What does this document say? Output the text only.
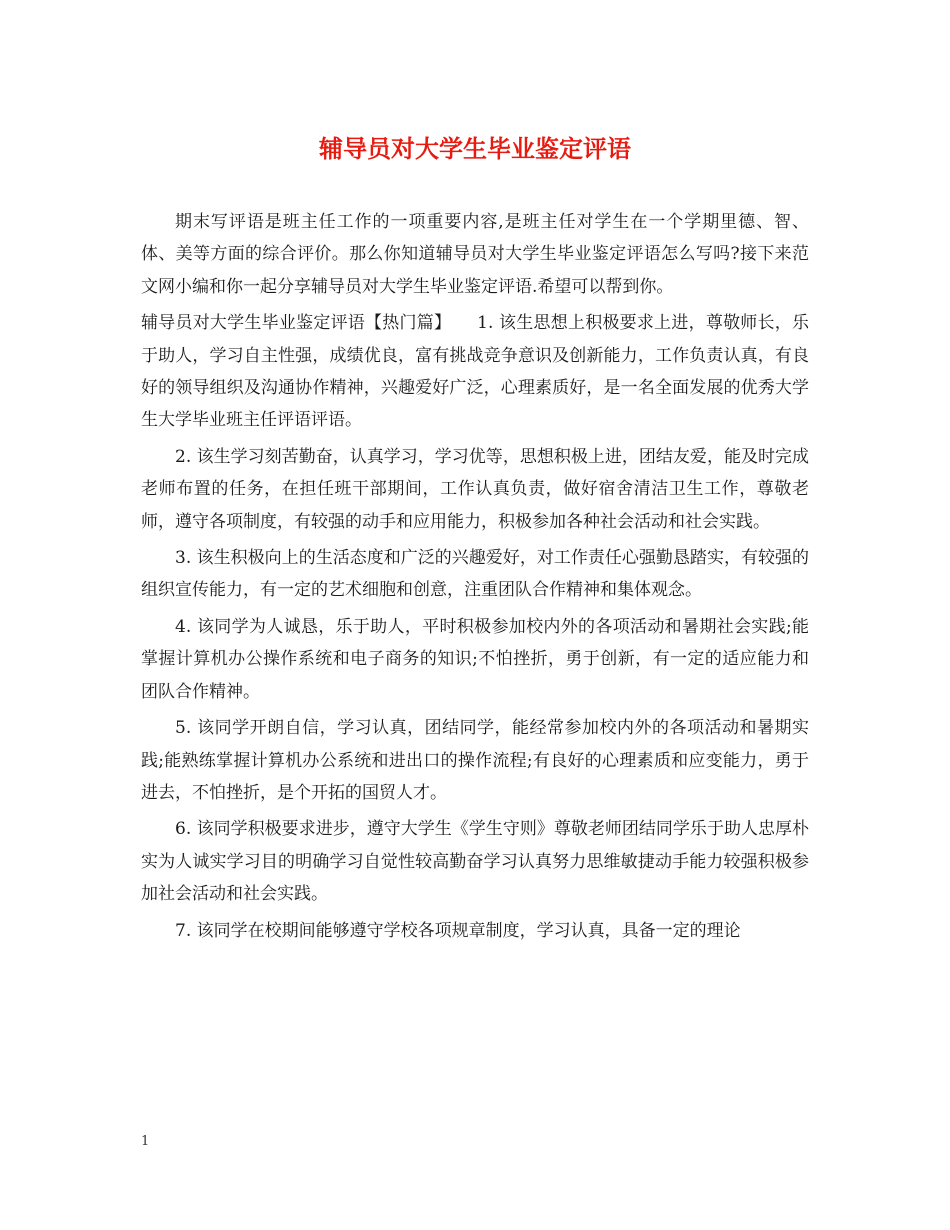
辅导员对大学生毕业鉴定评语

期末写评语是班主任工作的一项重要内容,是班主任对学生在一个学期里德、智、体、美等方面的综合评价。那么你知道辅导员对大学生毕业鉴定评语怎么写吗?接下来范文网小编和你一起分享辅导员对大学生毕业鉴定评语.希望可以帮到你。

辅导员对大学生毕业鉴定评语【热门篇】　　1. 该生思想上积极要求上进，尊敬师长，乐于助人，学习自主性强，成绩优良，富有挑战竞争意识及创新能力，工作负责认真，有良好的领导组织及沟通协作精神，兴趣爱好广泛，心理素质好，是一名全面发展的优秀大学生大学毕业班主任评语评语。

2. 该生学习刻苦勤奋，认真学习，学习优等，思想积极上进，团结友爱，能及时完成老师布置的任务，在担任班干部期间，工作认真负责，做好宿舍清洁卫生工作，尊敬老师，遵守各项制度，有较强的动手和应用能力，积极参加各种社会活动和社会实践。

3. 该生积极向上的生活态度和广泛的兴趣爱好，对工作责任心强勤恳踏实，有较强的组织宣传能力，有一定的艺术细胞和创意，注重团队合作精神和集体观念。

4. 该同学为人诚恳，乐于助人，平时积极参加校内外的各项活动和暑期社会实践;能掌握计算机办公操作系统和电子商务的知识;不怕挫折，勇于创新，有一定的适应能力和团队合作精神。

5. 该同学开朗自信，学习认真，团结同学，能经常参加校内外的各项活动和暑期实践;能熟练掌握计算机办公系统和进出口的操作流程;有良好的心理素质和应变能力，勇于进去，不怕挫折，是个开拓的国贸人才。

6. 该同学积极要求进步，遵守大学生《学生守则》尊敬老师团结同学乐于助人忠厚朴实为人诚实学习目的明确学习自觉性较高勤奋学习认真努力思维敏捷动手能力较强积极参加社会活动和社会实践。

7. 该同学在校期间能够遵守学校各项规章制度，学习认真，具备一定的理论

1
